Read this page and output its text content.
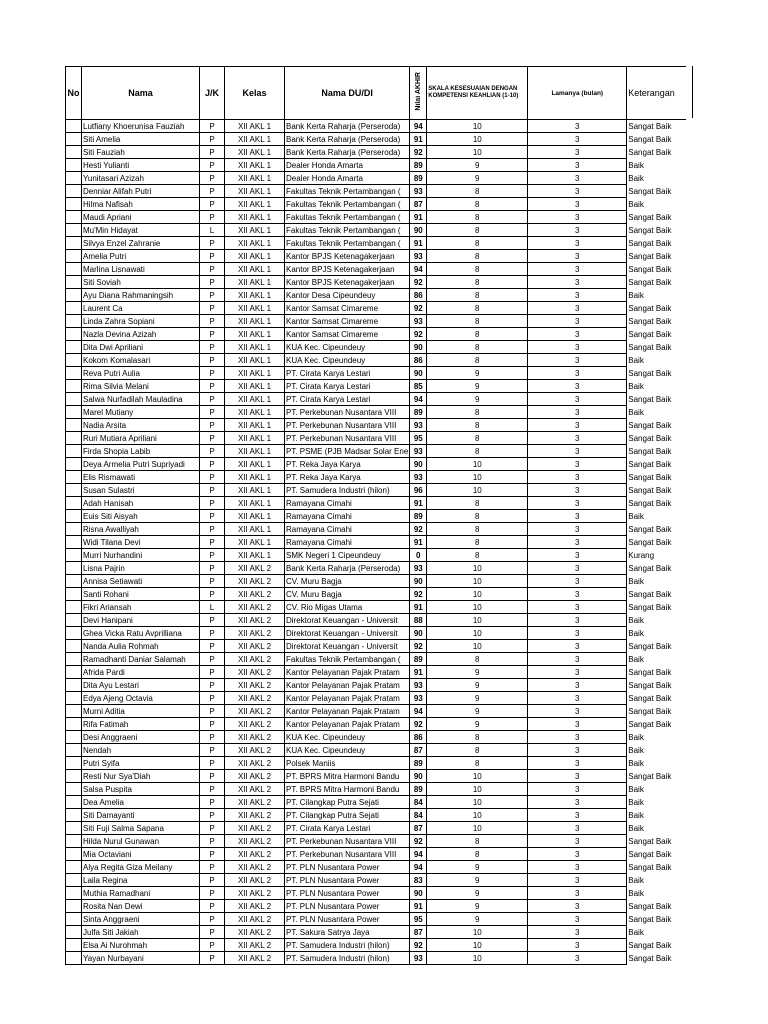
No	Nama	J/K	Kelas	Nama DU/DI	Nilai AKHIR	SKALA KESESUAIAN DENGAN KOMPETENSI KEAHLIAN (1-10)	Lamanya (bulan)	Keterangan
	Lutfiany Khoerunisa Fauziah	P	XII AKL 1	Bank Kerta Raharja (Perseroda)	94	10	3	Sangat Baik
	Siti Amelia	P	XII AKL 1	Bank Kerta Raharja (Perseroda)	91	10	3	Sangat Baik
	Siti Fauziah	P	XII AKL 1	Bank Kerta Raharja (Perseroda)	92	10	3	Sangat Baik
	Hesti Yulianti	P	XII AKL 1	Dealer Honda Amarta	89	9	3	Baik
	Yunitasari Azizah	P	XII AKL 1	Dealer Honda Amarta	89	9	3	Baik
	Denniar Alifah Putri	P	XII AKL 1	Fakultas Teknik Pertambangan (	93	8	3	Sangat Baik
	Hilma Nafisah	P	XII AKL 1	Fakultas Teknik Pertambangan (	87	8	3	Baik
	Maudi Apriani	P	XII AKL 1	Fakultas Teknik Pertambangan (	91	8	3	Sangat Baik
	Mu'Min Hidayat	L	XII AKL 1	Fakultas Teknik Pertambangan (	90	8	3	Sangat Baik
	Silvya Enzel Zahranie	P	XII AKL 1	Fakultas Teknik Pertambangan (	91	8	3	Sangat Baik
	Amelia Putri	P	XII AKL 1	Kantor BPJS Ketenagakerjaan	93	8	3	Sangat Baik
	Marlina Lisnawati	P	XII AKL 1	Kantor BPJS Ketenagakerjaan	94	8	3	Sangat Baik
	Siti Soviah	P	XII AKL 1	Kantor BPJS Ketenagakerjaan	92	8	3	Sangat Baik
	Ayu Diana Rahmaningsih	P	XII AKL 1	Kantor Desa Cipeundeuy	86	8	3	Baik
	Laurent Ca	P	XII AKL 1	Kantor Samsat Cimareme	92	8	3	Sangat Baik
	Linda Zahra Sopiani	P	XII AKL 1	Kantor Samsat Cimareme	93	8	3	Sangat Baik
	Nazla Devina Azizah	P	XII AKL 1	Kantor Samsat Cimareme	92	8	3	Sangat Baik
	Dita Dwi Apriliani	P	XII AKL 1	KUA Kec. Cipeundeuy	90	8	3	Sangat Baik
	Kokom Komalasari	P	XII AKL 1	KUA Kec. Cipeundeuy	86	8	3	Baik
	Reva Putri Aulia	P	XII AKL 1	PT. Cirata Karya Lestari	90	9	3	Sangat Baik
	Rima Silvia Melani	P	XII AKL 1	PT. Cirata Karya Lestari	85	9	3	Baik
	Salwa Nurfadilah Mauladina	P	XII AKL 1	PT. Cirata Karya Lestari	94	9	3	Sangat Baik
	Marel Mutiany	P	XII AKL 1	PT. Perkebunan Nusantara VIII	89	8	3	Baik
	Nadia Arsita	P	XII AKL 1	PT. Perkebunan Nusantara VIII	93	8	3	Sangat Baik
	Ruri Mutiara Apriliani	P	XII AKL 1	PT. Perkebunan Nusantara VIII	95	8	3	Sangat Baik
	Firda Shopia Labib	P	XII AKL 1	PT. PSME (PJB Madsar Solar Ene	93	8	3	Sangat Baik
	Deya Armelia Putri Supriyadi	P	XII AKL 1	PT. Reka Jaya Karya	90	10	3	Sangat Baik
	Elis Rismawati	P	XII AKL 1	PT. Reka Jaya Karya	93	10	3	Sangat Baik
	Susan Sulastri	P	XII AKL 1	PT. Samudera Industri (hilon)	96	10	3	Sangat Baik
	Adah Hanisah	P	XII AKL 1	Ramayana Cimahi	91	8	3	Sangat Baik
	Euis Siti Aisyah	P	XII AKL 1	Ramayana Cimahi	89	8	3	Baik
	Risna Awalliyah	P	XII AKL 1	Ramayana Cimahi	92	8	3	Sangat Baik
	Widi Tilana Devi	P	XII AKL 1	Ramayana Cimahi	91	8	3	Sangat Baik
	Murri Nurhandini	P	XII AKL 1	SMK Negeri 1 Cipeundeuy	0	8	3	Kurang
	Lisna Pajrin	P	XII AKL 2	Bank Kerta Raharja (Perseroda)	93	10	3	Sangat Baik
	Annisa Setiawati	P	XII AKL 2	CV. Muru Bagja	90	10	3	Baik
	Santi Rohani	P	XII AKL 2	CV. Muru Bagja	92	10	3	Sangat Baik
	Fikri Ariansah	L	XII AKL 2	CV. Rio Migas Utama	91	10	3	Sangat Baik
	Devi Hanipani	P	XII AKL 2	Direktorat Keuangan - Universit	88	10	3	Baik
	Ghea Vicka Ratu Avprilliana	P	XII AKL 2	Direktorat Keuangan - Universit	90	10	3	Baik
	Nanda Aulia Rohmah	P	XII AKL 2	Direktorat Keuangan - Universit	92	10	3	Sangat Baik
	Ramadhanti Daniar Salamah	P	XII AKL 2	Fakultas Teknik Pertambangan (	89	8	3	Baik
	Afrida Pardi	P	XII AKL 2	Kantor Pelayanan Pajak Pratam	91	9	3	Sangat Baik
	Dita Ayu Lestari	P	XII AKL 2	Kantor Pelayanan Pajak Pratam	93	9	3	Sangat Baik
	Edya Ajeng Octavia	P	XII AKL 2	Kantor Pelayanan Pajak Pratam	93	9	3	Sangat Baik
	Murni Aditia	P	XII AKL 2	Kantor Pelayanan Pajak Pratam	94	9	3	Sangat Baik
	Rifa Fatimah	P	XII AKL 2	Kantor Pelayanan Pajak Pratam	92	9	3	Sangat Baik
	Desi Anggraeni	P	XII AKL 2	KUA Kec. Cipeundeuy	86	8	3	Baik
	Nendah	P	XII AKL 2	KUA Kec. Cipeundeuy	87	8	3	Baik
	Putri Syifa	P	XII AKL 2	Polsek Maniis	89	8	3	Baik
	Resti Nur Sya'Diah	P	XII AKL 2	PT. BPRS Mitra Harmoni Bandu	90	10	3	Sangat Baik
	Salsa Puspita	P	XII AKL 2	PT. BPRS Mitra Harmoni Bandu	89	10	3	Baik
	Dea Amelia	P	XII AKL 2	PT. Cilangkap Putra Sejati	84	10	3	Baik
	Siti Damayanti	P	XII AKL 2	PT. Cilangkap Putra Sejati	84	10	3	Baik
	Siti Fuji Salma Sapana	P	XII AKL 2	PT. Cirata Karya Lestari	87	10	3	Baik
	Hilda Nurul Gunawan	P	XII AKL 2	PT. Perkebunan Nusantara VIII	92	8	3	Sangat Baik
	Mia Octaviani	P	XII AKL 2	PT. Perkebunan Nusantara VIII	94	8	3	Sangat Baik
	Alya Regita Giza Meilany	P	XII AKL 2	PT. PLN Nusantara Power	94	9	3	Sangat Baik
	Laila Regina	P	XII AKL 2	PT. PLN Nusantara Power	83	9	3	Baik
	Muthia Ramadhani	P	XII AKL 2	PT. PLN Nusantara Power	90	9	3	Baik
	Rosita Nan Dewi	P	XII AKL 2	PT. PLN Nusantara Power	91	9	3	Sangat Baik
	Sinta Anggraeni	P	XII AKL 2	PT. PLN Nusantara Power	95	9	3	Sangat Baik
	Julfa Siti Jakiah	P	XII AKL 2	PT. Sakura Satrya Jaya	87	10	3	Baik
	Elsa Ai Nurohmah	P	XII AKL 2	PT. Samudera Industri (hilon)	92	10	3	Sangat Baik
	Yayan Nurbayani	P	XII AKL 2	PT. Samudera Industri (hilon)	93	10	3	Sangat Baik
